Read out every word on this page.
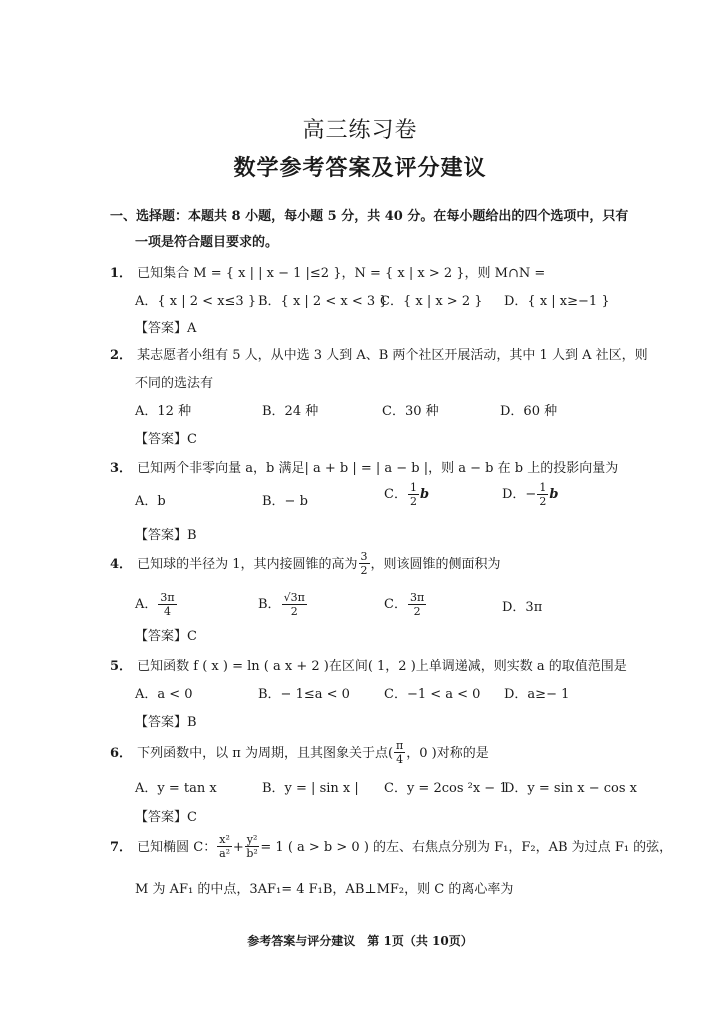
高三练习卷
数学参考答案及评分建议
一、选择题：本题共 8 小题，每小题 5 分，共 40 分。在每小题给出的四个选项中，只有
一项是符合题目要求的。
1． 已知集合 M = { x | | x − 1 |≤2 }，N = { x | x > 2 }，则 M∩N =
A．{ x | 2 < x≤3 } B．{ x | 2 < x < 3 }
C．{ x | x > 2 } D．{ x | x≥−1 }
【答案】A
2． 某志愿者小组有 5 人，从中选 3 人到 A、B 两个社区开展活动，其中 1 人到 A 社区，则
不同的选法有
A．12 种	B．24 种	C．30 种	D．60 种
【答案】C
3． 已知两个非零向量 a，b 满足| a + b | = | a − b |，则 a − b 在 b 上的投影向量为
A．b	B．− b	C． $\frac{1}{2}$ b	D．− $\frac{1}{2}$ b
【答案】B
4． 已知球的半径为 1，其内接圆锥的高为 $\frac{3}{2}$ ，则该圆锥的侧面积为
A． $\frac{3\pi}{4}$	B． $\frac{√3\pi}{2}$	C． $\frac{3\pi}{2}$	D．3π
【答案】C
5． 已知函数 f ( x ) = ln ( a x + 2 )在区间( 1，2 )上单调递减，则实数 a 的取值范围是
A．a < 0	B．− 1≤a < 0	C．−1 < a < 0 D．a≥− 1
【答案】B
6． 下列函数中，以 π 为周期，且其图象关于点( $\frac{\pi}{4}$ ，0 )对称的是
A．y = tan x	B．y = | sin x | C．y = 2cos ²x − 1
D．y = sin x − cos x
【答案】C
7． 已知椭圆 C： $\frac{\text{x²}}{\text{a²}} + \frac{\text{y²}}{\text{b²}} = 1$ ( a > b > 0 ) 的左、右焦点分别为 F₁，F₂，AB 为过点 F₁ 的弦，
M 为 AF₁ 的中点，3AF₁= 4 F₁B，AB⊥MF₂，则 C 的离心率为
参考答案与评分建议　第 1页（共 10页）
